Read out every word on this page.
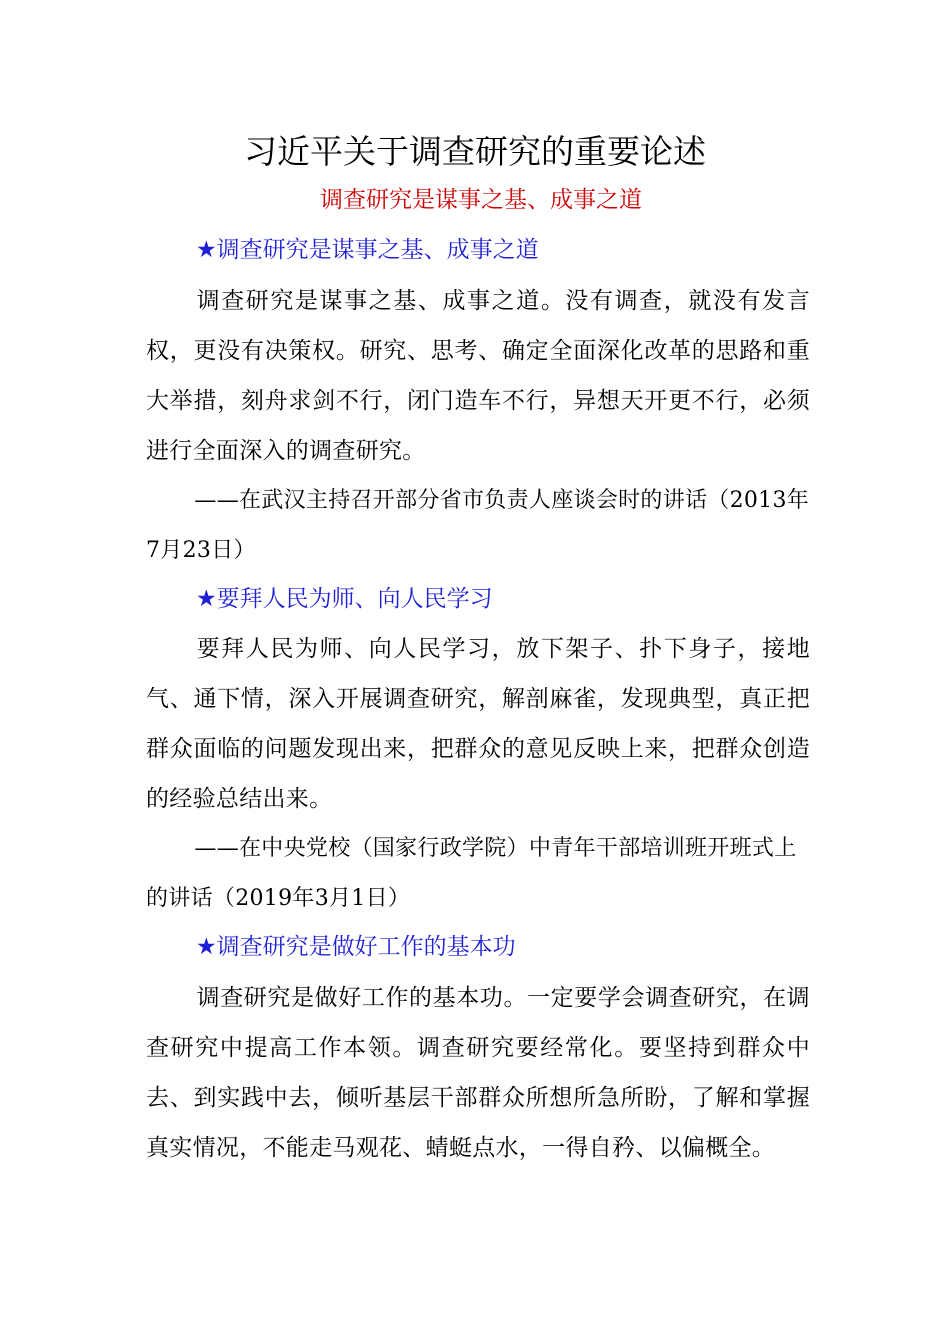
习近平关于调查研究的重要论述
调查研究是谋事之基、成事之道
★调查研究是谋事之基、成事之道

调查研究是谋事之基、成事之道。没有调查，就没有发言权，更没有决策权。研究、思考、确定全面深化改革的思路和重大举措，刻舟求剑不行，闭门造车不行，异想天开更不行，必须进行全面深入的调查研究。

——在武汉主持召开部分省市负责人座谈会时的讲话（2013年7月23日）

★要拜人民为师、向人民学习

要拜人民为师、向人民学习，放下架子、扑下身子，接地气、通下情，深入开展调查研究，解剖麻雀，发现典型，真正把群众面临的问题发现出来，把群众的意见反映上来，把群众创造的经验总结出来。

——在中央党校（国家行政学院）中青年干部培训班开班式上的讲话（2019年3月1日）

★调查研究是做好工作的基本功

调查研究是做好工作的基本功。一定要学会调查研究，在调查研究中提高工作本领。调查研究要经常化。要坚持到群众中去、到实践中去，倾听基层干部群众所想所急所盼，了解和掌握真实情况，不能走马观花、蜻蜓点水，一得自矜、以偏概全。
